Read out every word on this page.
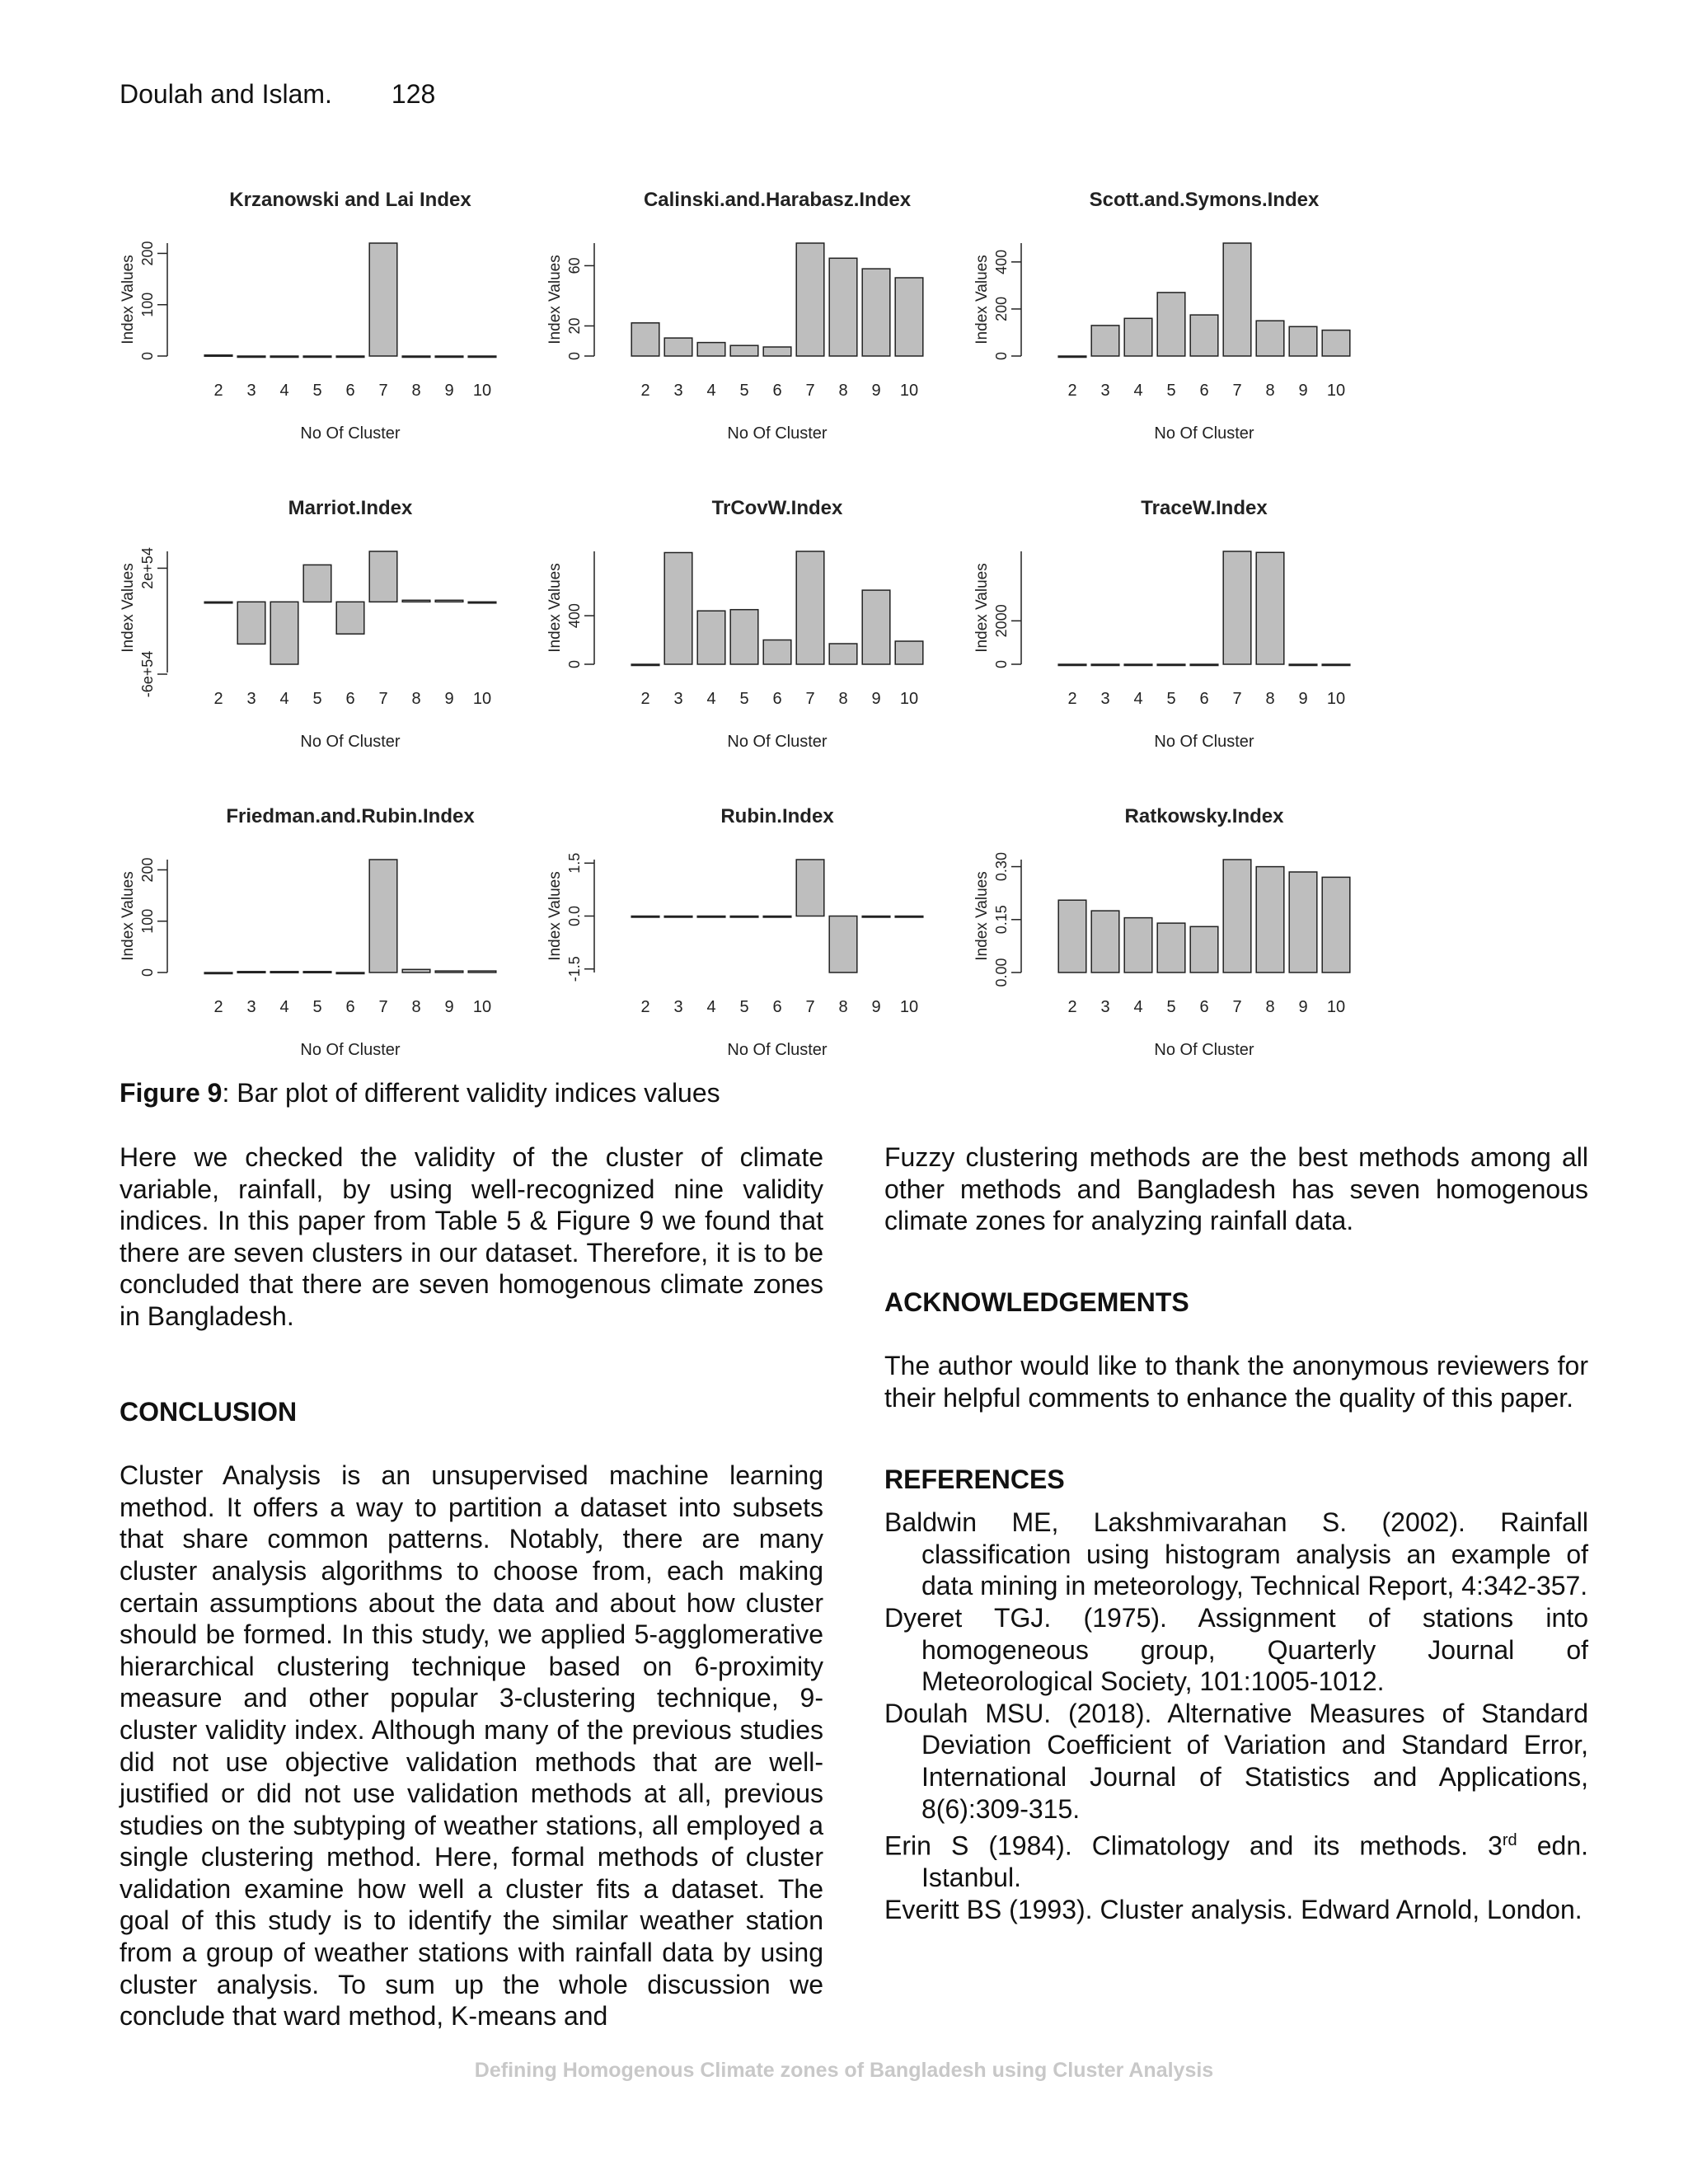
Doulah and Islam. 128
Krzanowski and Lai Index
2 3 4 5 6 7 8 9 10
0
100
200
Index Values
No Of Cluster
Calinski.and.Harabasz.Index
2 3 4 5 6 7 8 9 10
0
20
60
Index Values
No Of Cluster
Scott.and.Symons.Index
2 3 4 5 6 7 8 9 10
0
200
400
Index Values
No Of Cluster
Marriot.Index
2 3 4 5 6 7 8 9 10
-6e+54
2e+54
Index Values
No Of Cluster
TrCovW.Index
2 3 4 5 6 7 8 9 10
0
400
Index Values
No Of Cluster
TraceW.Index
2 3 4 5 6 7 8 9 10
0
2000
Index Values
No Of Cluster
Friedman.and.Rubin.Index
2 3 4 5 6 7 8 9 10
0
100
200
Index Values
No Of Cluster
Rubin.Index
2 3 4 5 6 7 8 9 10
-1.5
0.0
1.5
Index Values
No Of Cluster
Ratkowsky.Index
2 3 4 5 6 7 8 9 10
0.00
0.15
0.30
Index Values
No Of Cluster
Figure 9: Bar plot of different validity indices values

Here we checked the validity of the cluster of climate variable, rainfall, by using well-recognized nine validity indices. In this paper from Table 5 & Figure 9 we found that there are seven clusters in our dataset. Therefore, it is to be concluded that there are seven homogenous climate zones in Bangladesh.

CONCLUSION

Cluster Analysis is an unsupervised machine learning method. It offers a way to partition a dataset into subsets that share common patterns. Notably, there are many cluster analysis algorithms to choose from, each making certain assumptions about the data and about how cluster should be formed. In this study, we applied 5-agglomerative hierarchical clustering technique based on 6-proximity measure and other popular 3-clustering technique, 9- cluster validity index. Although many of the previous studies did not use objective validation methods that are well-justified or did not use validation methods at all, previous studies on the subtyping of weather stations, all employed a single clustering method. Here, formal methods of cluster validation examine how well a cluster fits a dataset. The goal of this study is to identify the similar weather station from a group of weather stations with rainfall data by using cluster analysis. To sum up the whole discussion we conclude that ward method, K-means and

Fuzzy clustering methods are the best methods among all other methods and Bangladesh has seven homogenous climate zones for analyzing rainfall data.

ACKNOWLEDGEMENTS

The author would like to thank the anonymous reviewers for their helpful comments to enhance the quality of this paper.

REFERENCES
Baldwin ME, Lakshmivarahan S. (2002). Rainfall classification using histogram analysis an example of data mining in meteorology, Technical Report, 4:342-357.
Dyeret TGJ. (1975). Assignment of stations into homogeneous group, Quarterly Journal of Meteorological Society, 101:1005-1012.
Doulah MSU. (2018). Alternative Measures of Standard Deviation Coefficient of Variation and Standard Error, International Journal of Statistics and Applications, 8(6):309-315.
Erin S (1984). Climatology and its methods. 3rd edn. Istanbul.
Everitt BS (1993). Cluster analysis. Edward Arnold, London.
Defining Homogenous Climate zones of Bangladesh using Cluster Analysis
